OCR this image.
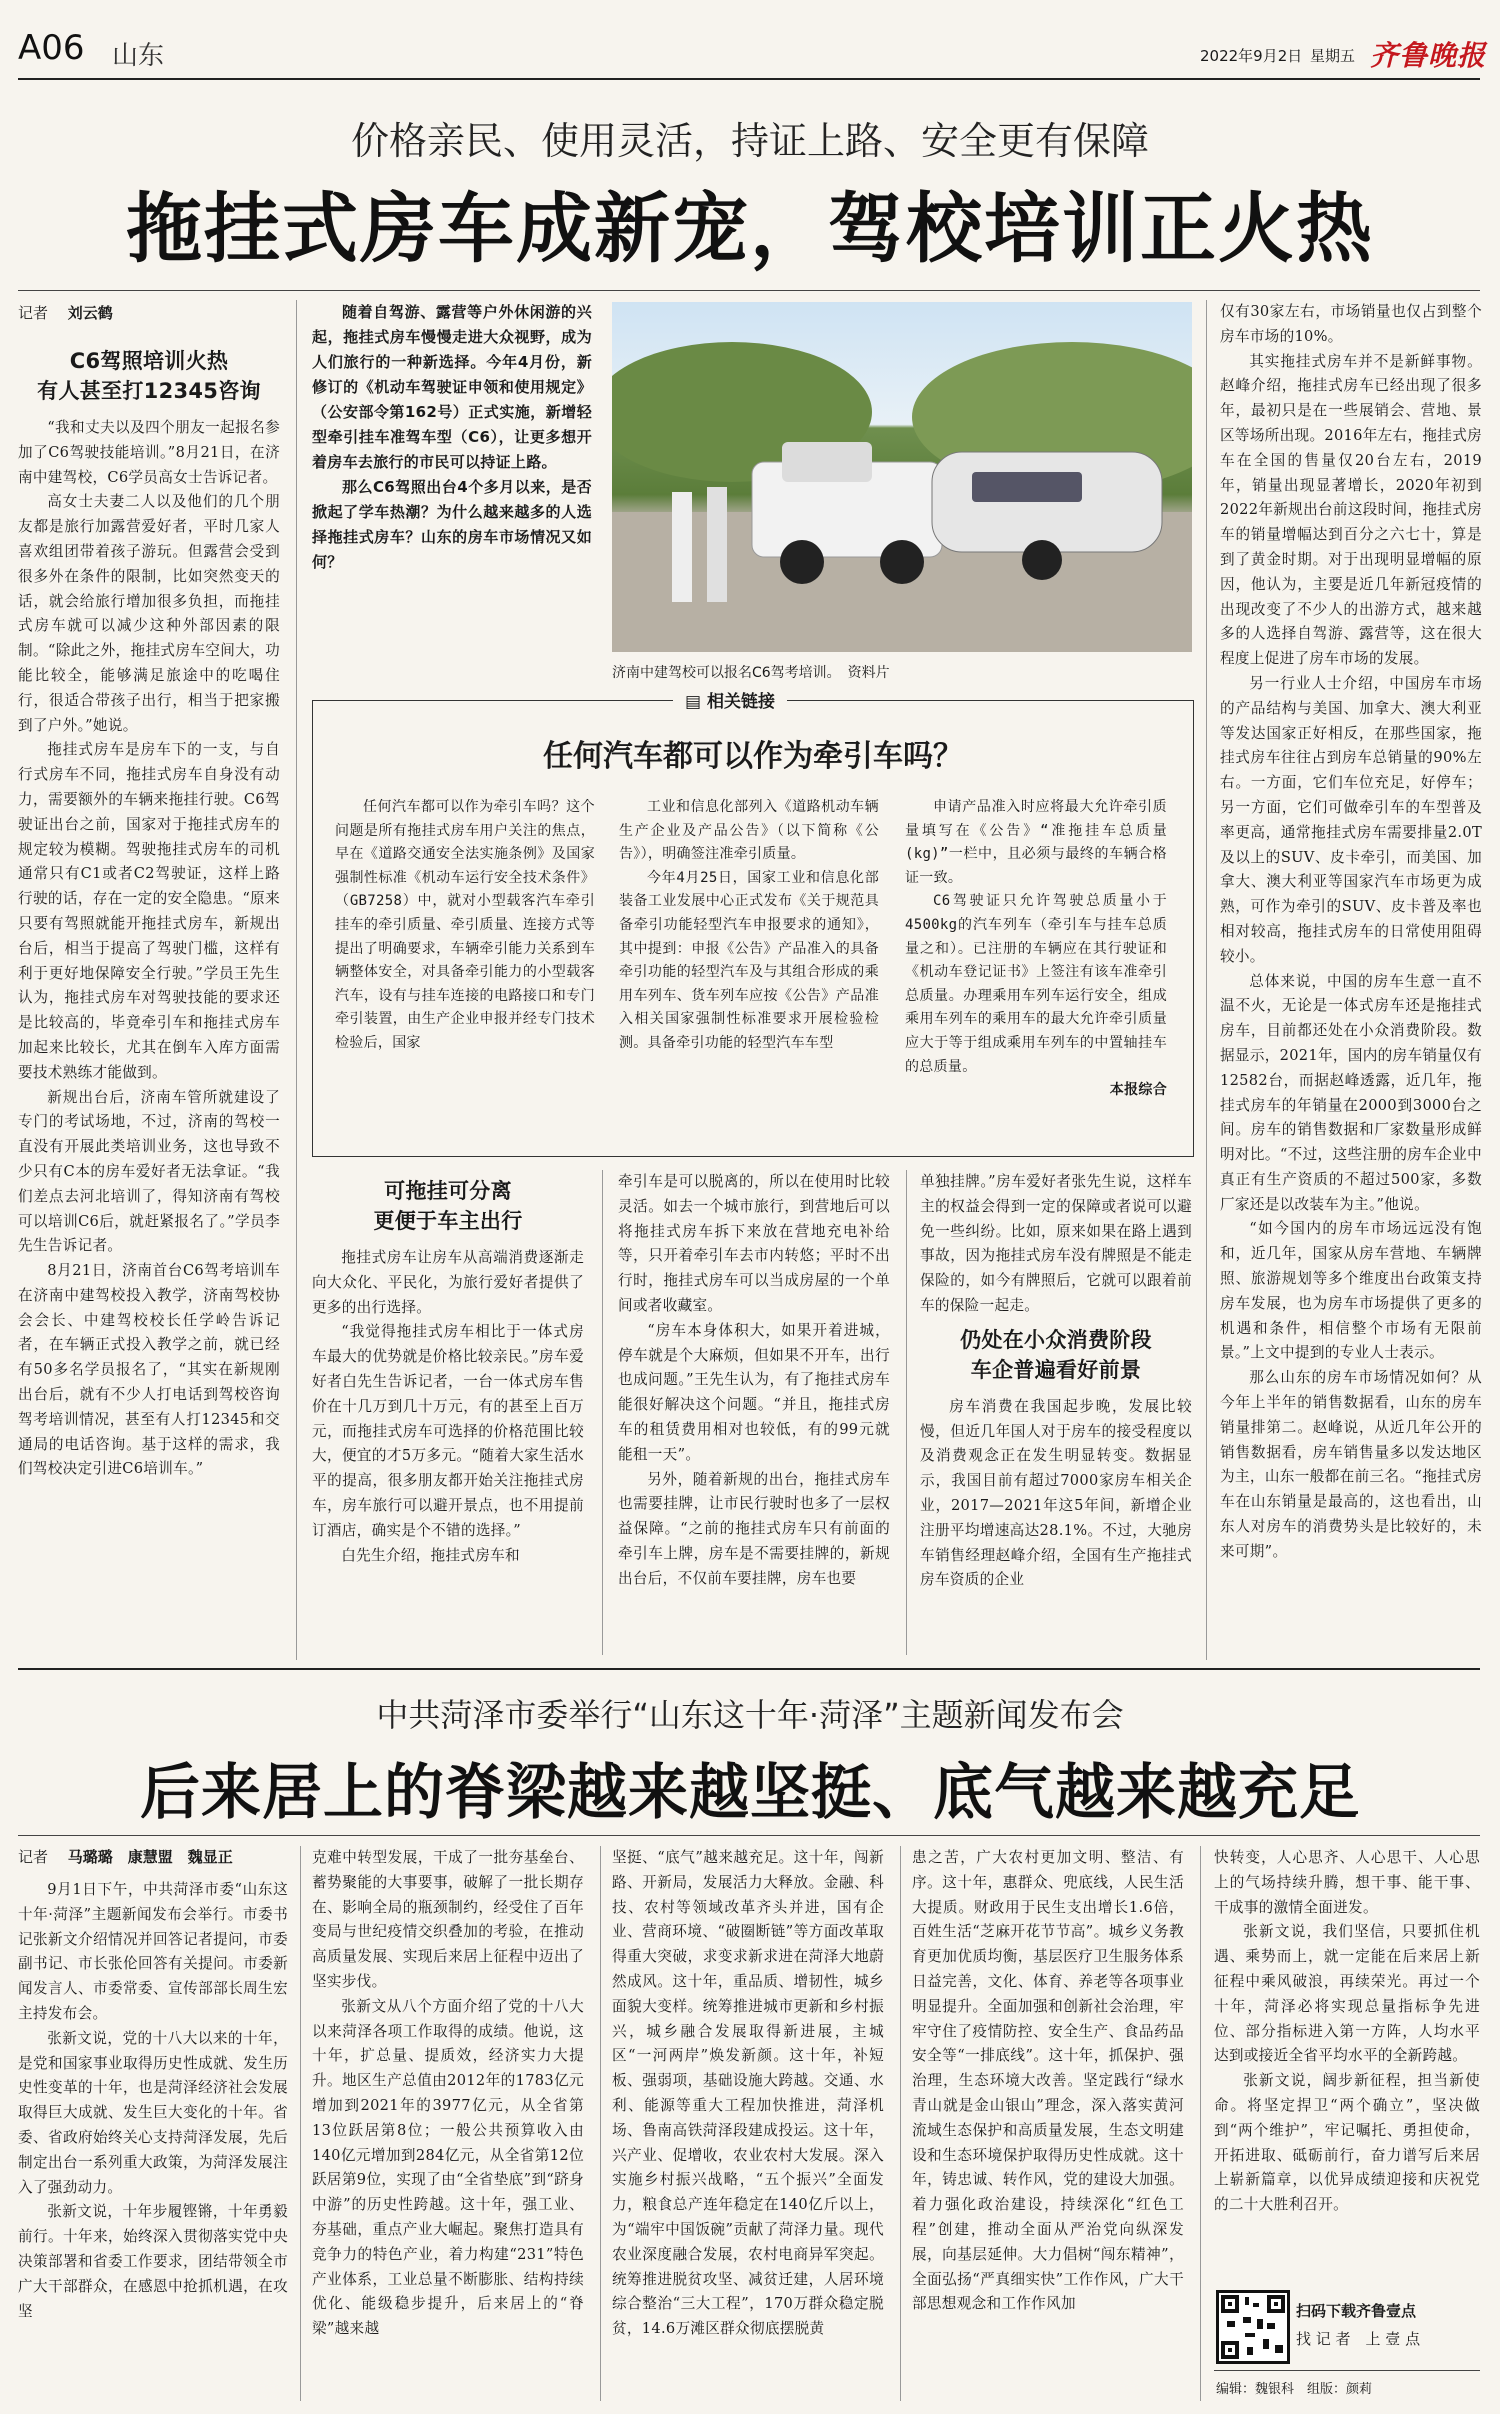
A06 山东	2022年9月2日 星期五 齐鲁晚报
价格亲民、使用灵活，持证上路、安全更有保障
拖挂式房车成新宠，驾校培训正火热
记者　 刘云鹤
C6驾照培训火热
有人甚至打12345咨询

“我和丈夫以及四个朋友一起报名参加了C6驾驶技能培训。”8月21日，在济南中建驾校，C6学员高女士告诉记者。

高女士夫妻二人以及他们的几个朋友都是旅行加露营爱好者，平时几家人喜欢组团带着孩子游玩。但露营会受到很多外在条件的限制，比如突然变天的话，就会给旅行增加很多负担，而拖挂式房车就可以减少这种外部因素的限制。“除此之外，拖挂式房车空间大，功能比较全，能够满足旅途中的吃喝住行，很适合带孩子出行，相当于把家搬到了户外。”她说。

拖挂式房车是房车下的一支，与自行式房车不同，拖挂式房车自身没有动力，需要额外的车辆来拖挂行驶。C6驾驶证出台之前，国家对于拖挂式房车的规定较为模糊。驾驶拖挂式房车的司机通常只有C1或者C2驾驶证，这样上路行驶的话，存在一定的安全隐患。“原来只要有驾照就能开拖挂式房车，新规出台后，相当于提高了驾驶门槛，这样有利于更好地保障安全行驶。”学员王先生认为，拖挂式房车对驾驶技能的要求还是比较高的，毕竟牵引车和拖挂式房车加起来比较长，尤其在倒车入库方面需要技术熟练才能做到。

新规出台后，济南车管所就建设了专门的考试场地，不过，济南的驾校一直没有开展此类培训业务，这也导致不少只有C本的房车爱好者无法拿证。“我们差点去河北培训了，得知济南有驾校可以培训C6后，就赶紧报名了。”学员李先生告诉记者。

8月21日，济南首台C6驾考培训车在济南中建驾校投入教学，济南驾校协会会长、中建驾校校长任学岭告诉记者，在车辆正式投入教学之前，就已经有50多名学员报名了，“其实在新规刚出台后，就有不少人打电话到驾校咨询驾考培训情况，甚至有人打12345和交通局的电话咨询。基于这样的需求，我们驾校决定引进C6培训车。”

随着自驾游、露营等户外休闲游的兴起，拖挂式房车慢慢走进大众视野，成为人们旅行的一种新选择。今年4月份，新修订的《机动车驾驶证申领和使用规定》（公安部令第162号）正式实施，新增轻型牵引挂车准驾车型（C6），让更多想开着房车去旅行的市民可以持证上路。

那么C6驾照出台4个多月以来，是否掀起了学车热潮？为什么越来越多的人选择拖挂式房车？山东的房车市场情况又如何？

济南中建驾校可以报名C6驾考培训。　资料片
▤ 相关链接
任何汽车都可以作为牵引车吗？

任何汽车都可以作为牵引车吗？这个问题是所有拖挂式房车用户关注的焦点，早在《道路交通安全法实施条例》及国家强制性标准《机动车运行安全技术条件》（GB7258）中，就对小型载客汽车牵引挂车的牵引质量、牵引质量、连接方式等提出了明确要求，车辆牵引能力关系到车辆整体安全，对具备牵引能力的小型载客汽车，设有与挂车连接的电路接口和专门牵引装置，由生产企业申报并经专门技术检验后，国家

工业和信息化部列入《道路机动车辆生产企业及产品公告》（以下简称《公告》），明确签注准牵引质量。

今年4月25日，国家工业和信息化部装备工业发展中心正式发布《关于规范具备牵引功能轻型汽车申报要求的通知》，其中提到：申报《公告》产品准入的具备牵引功能的轻型汽车及与其组合形成的乘用车列车、货车列车应按《公告》产品准入相关国家强制性标准要求开展检验检测。具备牵引功能的轻型汽车车型

申请产品准入时应将最大允许牵引质量填写在《公告》“准拖挂车总质量(kg)”一栏中，且必须与最终的车辆合格证一致。

C6驾驶证只允许驾驶总质量小于4500kg的汽车列车（牵引车与挂车总质量之和）。已注册的车辆应在其行驶证和《机动车登记证书》上签注有该车准牵引总质量。办理乘用车列车运行安全，组成乘用车列车的乘用车的最大允许牵引质量应大于等于组成乘用车列车的中置轴挂车的总质量。

本报综合
可拖挂可分离
更便于车主出行

拖挂式房车让房车从高端消费逐渐走向大众化、平民化，为旅行爱好者提供了更多的出行选择。

“我觉得拖挂式房车相比于一体式房车最大的优势就是价格比较亲民。”房车爱好者白先生告诉记者，一台一体式房车售价在十几万到几十万元，有的甚至上百万元，而拖挂式房车可选择的价格范围比较大，便宜的才5万多元。“随着大家生活水平的提高，很多朋友都开始关注拖挂式房车，房车旅行可以避开景点，也不用提前订酒店，确实是个不错的选择。”

白先生介绍，拖挂式房车和

牵引车是可以脱离的，所以在使用时比较灵活。如去一个城市旅行，到营地后可以将拖挂式房车拆下来放在营地充电补给等，只开着牵引车去市内转悠；平时不出行时，拖挂式房车可以当成房屋的一个单间或者收藏室。

“房车本身体积大，如果开着进城，停车就是个大麻烦，但如果不开车，出行也成问题。”王先生认为，有了拖挂式房车能很好解决这个问题。“并且，拖挂式房车的租赁费用相对也较低，有的99元就能租一天”。

另外，随着新规的出台，拖挂式房车也需要挂牌，让市民行驶时也多了一层权益保障。“之前的拖挂式房车只有前面的牵引车上牌，房车是不需要挂牌的，新规出台后，不仅前车要挂牌，房车也要

单独挂牌。”房车爱好者张先生说，这样车主的权益会得到一定的保障或者说可以避免一些纠纷。比如，原来如果在路上遇到事故，因为拖挂式房车没有牌照是不能走保险的，如今有牌照后，它就可以跟着前车的保险一起走。

仍处在小众消费阶段
车企普遍看好前景

房车消费在我国起步晚，发展比较慢，但近几年国人对于房车的接受程度以及消费观念正在发生明显转变。数据显示，我国目前有超过7000家房车相关企业，2017—2021年这5年间，新增企业注册平均增速高达28.1%。不过，大驰房车销售经理赵峰介绍，全国有生产拖挂式房车资质的企业

仅有30家左右，市场销量也仅占到整个房车市场的10%。

其实拖挂式房车并不是新鲜事物。赵峰介绍，拖挂式房车已经出现了很多年，最初只是在一些展销会、营地、景区等场所出现。2016年左右，拖挂式房车在全国的售量仅20台左右，2019年，销量出现显著增长，2020年初到2022年新规出台前这段时间，拖挂式房车的销量增幅达到百分之六七十，算是到了黄金时期。对于出现明显增幅的原因，他认为，主要是近几年新冠疫情的出现改变了不少人的出游方式，越来越多的人选择自驾游、露营等，这在很大程度上促进了房车市场的发展。

另一行业人士介绍，中国房车市场的产品结构与美国、加拿大、澳大利亚等发达国家正好相反，在那些国家，拖挂式房车往往占到房车总销量的90%左右。一方面，它们车位充足，好停车；另一方面，它们可做牵引车的车型普及率更高，通常拖挂式房车需要排量2.0T及以上的SUV、皮卡牵引，而美国、加拿大、澳大利亚等国家汽车市场更为成熟，可作为牵引的SUV、皮卡普及率也相对较高，拖挂式房车的日常使用阻碍较小。

总体来说，中国的房车生意一直不温不火，无论是一体式房车还是拖挂式房车，目前都还处在小众消费阶段。数据显示，2021年，国内的房车销量仅有12582台，而据赵峰透露，近几年，拖挂式房车的年销量在2000到3000台之间。房车的销售数据和厂家数量形成鲜明对比。“不过，这些注册的房车企业中真正有生产资质的不超过500家，多数厂家还是以改装车为主。”他说。

“如今国内的房车市场远远没有饱和，近几年，国家从房车营地、车辆牌照、旅游规划等多个维度出台政策支持房车发展，也为房车市场提供了更多的机遇和条件，相信整个市场有无限前景。”上文中提到的专业人士表示。

那么山东的房车市场情况如何？从今年上半年的销售数据看，山东的房车销量排第二。赵峰说，从近几年公开的销售数据看，房车销售量多以发达地区为主，山东一般都在前三名。“拖挂式房车在山东销量是最高的，这也看出，山东人对房车的消费势头是比较好的，未来可期”。

中共菏泽市委举行“山东这十年·菏泽”主题新闻发布会
后来居上的脊梁越来越坚挺、底气越来越充足
记者　 马璐璐　康慧盟　魏显正

9月1日下午，中共菏泽市委“山东这十年·菏泽”主题新闻发布会举行。市委书记张新文介绍情况并回答记者提问，市委副书记、市长张伦回答有关提问。市委新闻发言人、市委常委、宣传部部长周生宏主持发布会。

张新文说，党的十八大以来的十年，是党和国家事业取得历史性成就、发生历史性变革的十年，也是菏泽经济社会发展取得巨大成就、发生巨大变化的十年。省委、省政府始终关心支持菏泽发展，先后制定出台一系列重大政策，为菏泽发展注入了强劲动力。

张新文说，十年步履铿锵，十年勇毅前行。十年来，始终深入贯彻落实党中央决策部署和省委工作要求，团结带领全市广大干部群众，在感恩中抢抓机遇，在攻坚

克难中转型发展，干成了一批夯基垒台、蓄势聚能的大事要事，破解了一批长期存在、影响全局的瓶颈制约，经受住了百年变局与世纪疫情交织叠加的考验，在推动高质量发展、实现后来居上征程中迈出了坚实步伐。

张新文从八个方面介绍了党的十八大以来菏泽各项工作取得的成绩。他说，这十年，扩总量、提质效，经济实力大提升。地区生产总值由2012年的1783亿元增加到2021年的3977亿元，从全省第13位跃居第8位；一般公共预算收入由140亿元增加到284亿元，从全省第12位跃居第9位，实现了由“全省垫底”到“跻身中游”的历史性跨越。这十年，强工业、夯基础，重点产业大崛起。聚焦打造具有竞争力的特色产业，着力构建“231”特色产业体系，工业总量不断膨胀、结构持续优化、能级稳步提升，后来居上的“脊梁”越来越

坚挺、“底气”越来越充足。这十年，闯新路、开新局，发展活力大释放。金融、科技、农村等领域改革齐头并进，国有企业、营商环境、“破圈断链”等方面改革取得重大突破，求变求新求进在菏泽大地蔚然成风。这十年，重品质、增韧性，城乡面貌大变样。统筹推进城市更新和乡村振兴，城乡融合发展取得新进展，主城区“一河两岸”焕发新颜。这十年，补短板、强弱项，基础设施大跨越。交通、水利、能源等重大工程加快推进，菏泽机场、鲁南高铁菏泽段建成投运。这十年，兴产业、促增收，农业农村大发展。深入实施乡村振兴战略，“五个振兴”全面发力，粮食总产连年稳定在140亿斤以上，为“端牢中国饭碗”贡献了菏泽力量。现代农业深度融合发展，农村电商异军突起。统筹推进脱贫攻坚、减贫迁建，人居环境综合整治“三大工程”，170万群众稳定脱贫，14.6万滩区群众彻底摆脱黄

患之苦，广大农村更加文明、整洁、有序。这十年，惠群众、兜底线，人民生活大提质。财政用于民生支出增长1.6倍，百姓生活“芝麻开花节节高”。城乡义务教育更加优质均衡，基层医疗卫生服务体系日益完善，文化、体育、养老等各项事业明显提升。全面加强和创新社会治理，牢牢守住了疫情防控、安全生产、食品药品安全等“一排底线”。这十年，抓保护、强治理，生态环境大改善。坚定践行“绿水青山就是金山银山”理念，深入落实黄河流域生态保护和高质量发展，生态文明建设和生态环境保护取得历史性成就。这十年，铸忠诚、转作风，党的建设大加强。着力强化政治建设，持续深化“红色工程”创建，推动全面从严治党向纵深发展，向基层延伸。大力倡树“闯东精神”，全面弘扬“严真细实快”工作作风，广大干部思想观念和工作作风加

快转变，人心思齐、人心思干、人心思上的气场持续升腾，想干事、能干事、干成事的激情全面迸发。

张新文说，我们坚信，只要抓住机遇、乘势而上，就一定能在后来居上新征程中乘风破浪，再续荣光。再过一个十年，菏泽必将实现总量指标争先进位、部分指标进入第一方阵，人均水平达到或接近全省平均水平的全新跨越。

张新文说，阔步新征程，担当新使命。将坚定捍卫“两个确立”，坚决做到“两个维护”，牢记嘱托、勇担使命，开拓进取、砥砺前行，奋力谱写后来居上崭新篇章，以优异成绩迎接和庆祝党的二十大胜利召开。

扫码下载齐鲁壹点
找 记 者　上 壹 点
编辑：魏银科　组版：颜莉
